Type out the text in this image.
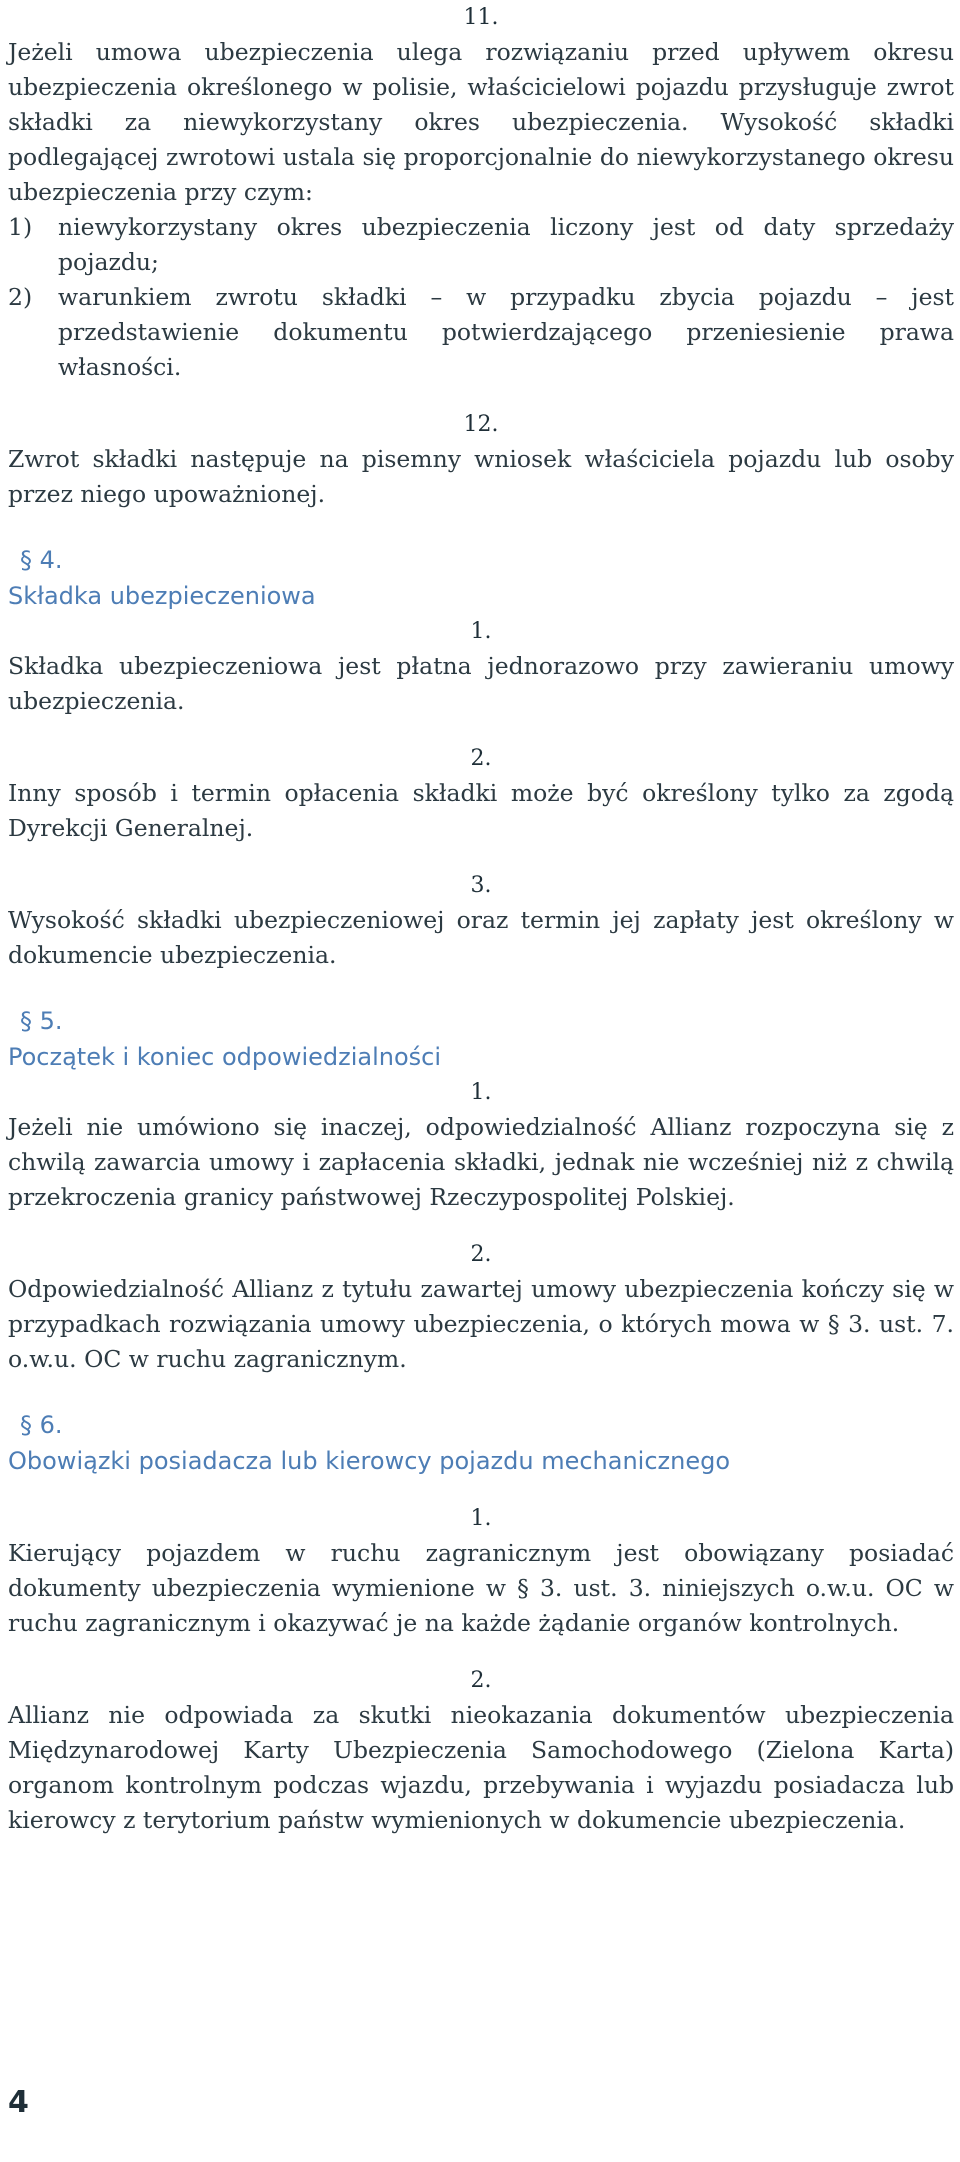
11.
Jeżeli umowa ubezpieczenia ulega rozwiązaniu przed upływem okresu ubezpieczenia określonego w polisie, właścicielowi pojazdu przysługuje zwrot składki za niewykorzystany okres ubezpieczenia. Wysokość składki podlegającej zwrotowi ustala się proporcjonalnie do niewykorzystanego okresu ubezpieczenia przy czym:
1)	niewykorzystany okres ubezpieczenia liczony jest od daty sprzedaży pojazdu;
2)	warunkiem zwrotu składki – w przypadku zbycia pojazdu – jest przedstawienie dokumentu potwierdzającego przeniesienie prawa własności.
12.
Zwrot składki następuje na pisemny wniosek właściciela pojazdu lub osoby przez niego upoważnionej.
§ 4.
Składka ubezpieczeniowa
1.
Składka ubezpieczeniowa jest płatna jednorazowo przy zawieraniu umowy ubezpieczenia.
2.
Inny sposób i termin opłacenia składki może być określony tylko za zgodą Dyrekcji Generalnej.
3.
Wysokość składki ubezpieczeniowej oraz termin jej zapłaty jest określony w dokumencie ubezpieczenia.
§ 5.
Początek i koniec odpowiedzialności
1.
Jeżeli nie umówiono się inaczej, odpowiedzialność Allianz rozpoczyna się z chwilą zawarcia umowy i zapłacenia składki, jednak nie wcześniej niż z chwilą przekroczenia granicy państwowej Rzeczypospolitej Polskiej.
2.
Odpowiedzialność Allianz z tytułu zawartej umowy ubezpieczenia kończy się w przypadkach rozwiązania umowy ubezpieczenia, o których mowa w § 3. ust. 7. o.w.u. OC w ruchu zagranicznym.
§ 6.
Obowiązki posiadacza lub kierowcy pojazdu mechanicznego
1.
Kierujący pojazdem w ruchu zagranicznym jest obowiązany posiadać dokumenty ubezpieczenia wymienione w § 3. ust. 3. niniejszych o.w.u. OC w ruchu zagranicznym i okazywać je na każde żądanie organów kontrolnych.
2.
Allianz nie odpowiada za skutki nieokazania dokumentów ubezpieczenia Międzynarodowej Karty Ubezpieczenia Samochodowego (Zielona Karta) organom kontrolnym podczas wjazdu, przebywania i wyjazdu posiadacza lub kierowcy z terytorium państw wymienionych w dokumencie ubezpieczenia.
4
